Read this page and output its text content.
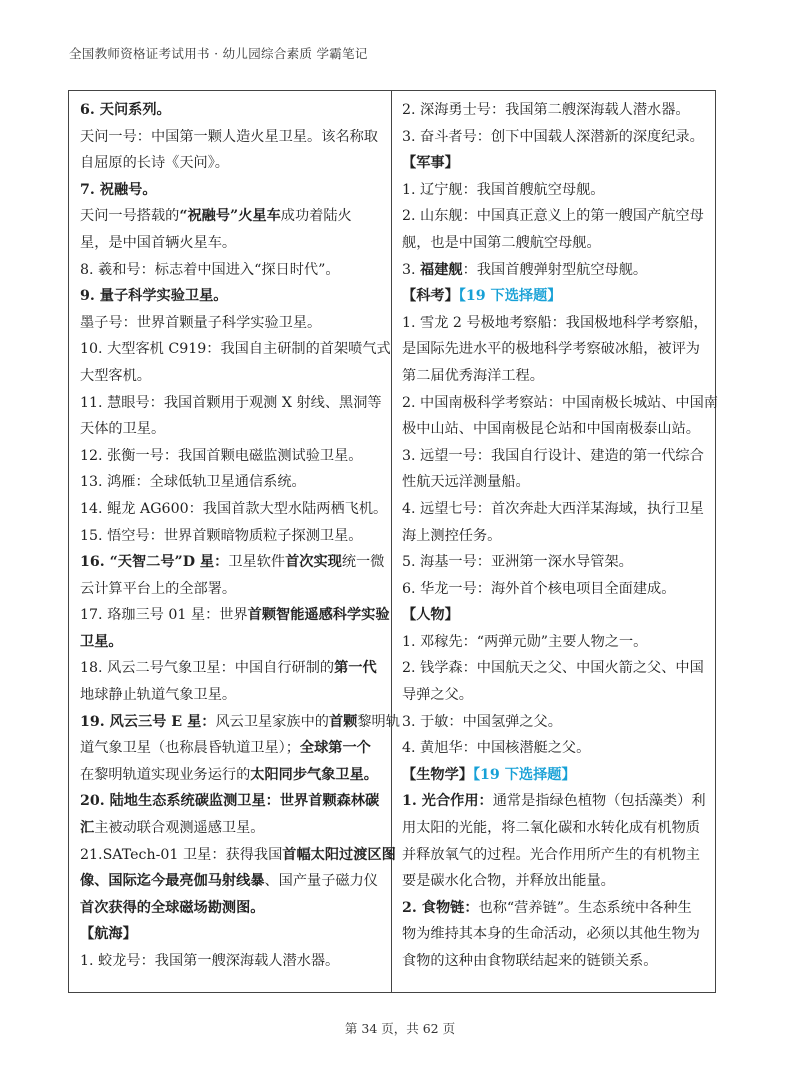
全国教师资格证考试用书 · 幼儿园综合素质 学霸笔记
6. 天问系列。
天问一号：中国第一颗人造火星卫星。该名称取
自屈原的长诗《天问》。
7. 祝融号。
天问一号搭载的“祝融号”火星车成功着陆火
星，是中国首辆火星车。
8. 羲和号：标志着中国进入“探日时代”。
9. 量子科学实验卫星。
墨子号：世界首颗量子科学实验卫星。
10. 大型客机 C919：我国自主研制的首架喷气式
大型客机。
11. 慧眼号：我国首颗用于观测 X 射线、黑洞等
天体的卫星。
12. 张衡一号：我国首颗电磁监测试验卫星。
13. 鸿雁：全球低轨卫星通信系统。
14. 鲲龙 AG600：我国首款大型水陆两栖飞机。
15. 悟空号：世界首颗暗物质粒子探测卫星。
16. “天智二号”D 星：卫星软件首次实现统一微
云计算平台上的全部署。
17. 珞珈三号 01 星：世界首颗智能遥感科学实验
卫星。
18. 风云二号气象卫星：中国自行研制的第一代
地球静止轨道气象卫星。
19. 风云三号 E 星：风云卫星家族中的首颗黎明轨
道气象卫星（也称晨昏轨道卫星）；全球第一个
在黎明轨道实现业务运行的太阳同步气象卫星。
20. 陆地生态系统碳监测卫星：世界首颗森林碳
汇主被动联合观测遥感卫星。
21.SATech-01 卫星：获得我国首幅太阳过渡区图
像、国际迄今最亮伽马射线暴、国产量子磁力仪
首次获得的全球磁场勘测图。
【航海】
1. 蛟龙号：我国第一艘深海载人潜水器。
2. 深海勇士号：我国第二艘深海载人潜水器。
3. 奋斗者号：创下中国载人深潜新的深度纪录。
【军事】
1. 辽宁舰：我国首艘航空母舰。
2. 山东舰：中国真正意义上的第一艘国产航空母
舰，也是中国第二艘航空母舰。
3. 福建舰：我国首艘弹射型航空母舰。
【科考】【19 下选择题】
1. 雪龙 2 号极地考察船：我国极地科学考察船，
是国际先进水平的极地科学考察破冰船，被评为
第二届优秀海洋工程。
2. 中国南极科学考察站：中国南极长城站、中国南
极中山站、中国南极昆仑站和中国南极泰山站。
3. 远望一号：我国自行设计、建造的第一代综合
性航天远洋测量船。
4. 远望七号：首次奔赴大西洋某海域，执行卫星
海上测控任务。
5. 海基一号：亚洲第一深水导管架。
6. 华龙一号：海外首个核电项目全面建成。
【人物】
1. 邓稼先：“两弹元勋”主要人物之一。
2. 钱学森：中国航天之父、中国火箭之父、中国
导弹之父。
3. 于敏：中国氢弹之父。
4. 黄旭华：中国核潜艇之父。
【生物学】【19 下选择题】
1. 光合作用：通常是指绿色植物（包括藻类）利
用太阳的光能，将二氧化碳和水转化成有机物质
并释放氧气的过程。光合作用所产生的有机物主
要是碳水化合物，并释放出能量。
2. 食物链：也称“营养链”。生态系统中各种生
物为维持其本身的生命活动，必须以其他生物为
食物的这种由食物联结起来的链锁关系。
第 34 页，共 62 页
